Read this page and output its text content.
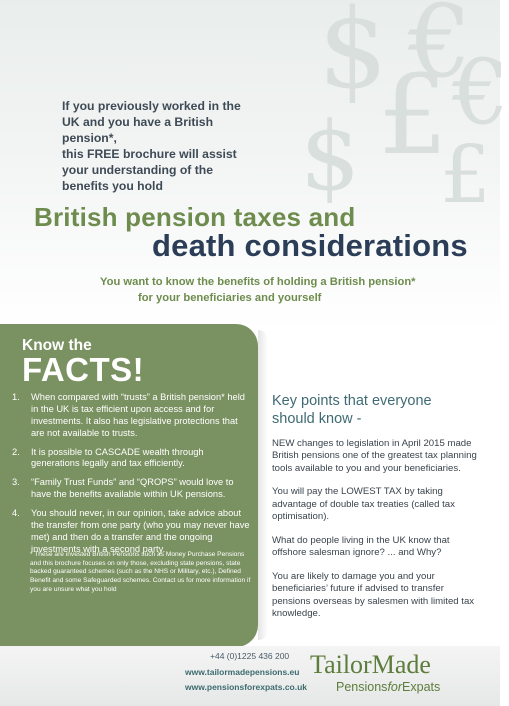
$ €
£ €
$ £
If you previously worked in the
UK and you have a British pension*,
this FREE brochure will assist
your understanding of the
benefits you hold
British pension taxes and
death considerations
You want to know the benefits of holding a British pension*
for your beneficiaries and yourself
Know the
FACTS!
1.	When compared with “trusts” a British pension* held in the UK is tax efficient upon access and for investments. It also has legislative protections that are not available to trusts.
2.	It is possible to CASCADE wealth through generations legally and tax efficiently.
3.	“Family Trust Funds” and “QROPS” would love to have the benefits available within UK pensions.
4.	You should never, in our opinion, take advice about the transfer from one party (who you may never have met) and then do a transfer and the ongoing investments with a second party.
* These are invested British Pensions such as Money Purchase Pensions and this brochure focuses on only those, excluding state pensions, state backed guaranteed schemes (such as the NHS or Military, etc.), Defined Benefit and some Safeguarded schemes. Contact us for more information if you are unsure what you hold
Key points that everyone should know -

NEW changes to legislation in April 2015 made British pensions one of the greatest tax planning tools available to you and your beneficiaries.

You will pay the LOWEST TAX by taking advantage of double tax treaties (called tax optimisation).

What do people living in the UK know that offshore salesman ignore? ... and Why?

You are likely to damage you and your beneficiaries’ future if advised to transfer pensions overseas by salesmen with limited tax knowledge.

+44 (0)1225 436 200
www.tailormadepensions.eu
www.pensionsforexpats.co.uk
TailorMade
PensionsforExpats
